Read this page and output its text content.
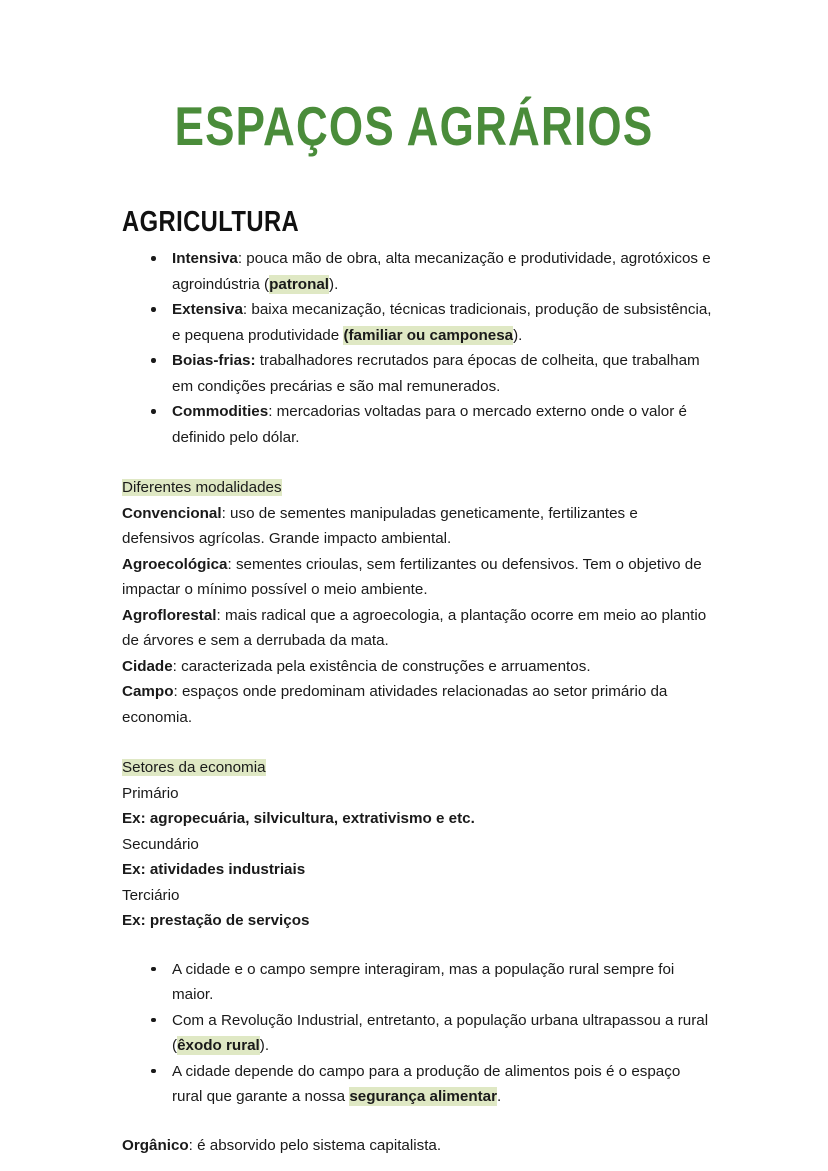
ESPAÇOS AGRÁRIOS
AGRICULTURA
Intensiva: pouca mão de obra, alta mecanização e produtividade, agrotóxicos e agroindústria (patronal).
Extensiva: baixa mecanização, técnicas tradicionais, produção de subsistência, e pequena produtividade (familiar ou camponesa).
Boias-frias: trabalhadores recrutados para épocas de colheita, que trabalham em condições precárias e são mal remunerados.
Commodities: mercadorias voltadas para o mercado externo onde o valor é definido pelo dólar.
Diferentes modalidades
Convencional: uso de sementes manipuladas geneticamente, fertilizantes e defensivos agrícolas. Grande impacto ambiental.
Agroecológica: sementes crioulas, sem fertilizantes ou defensivos. Tem o objetivo de impactar o mínimo possível o meio ambiente.
Agroflorestal: mais radical que a agroecologia, a plantação ocorre em meio ao plantio de árvores e sem a derrubada da mata.
Cidade: caracterizada pela existência de construções e arruamentos.
Campo: espaços onde predominam atividades relacionadas ao setor primário da economia.
Setores da economia
Primário
Ex: agropecuária, silvicultura, extrativismo e etc.
Secundário
Ex: atividades industriais
Terciário
Ex: prestação de serviços
A cidade e o campo sempre interagiram, mas a população rural sempre foi maior.
Com a Revolução Industrial, entretanto, a população urbana ultrapassou a rural (êxodo rural).
A cidade depende do campo para a produção de alimentos pois é o espaço rural que garante a nossa segurança alimentar.
Orgânico: é absorvido pelo sistema capitalista.
